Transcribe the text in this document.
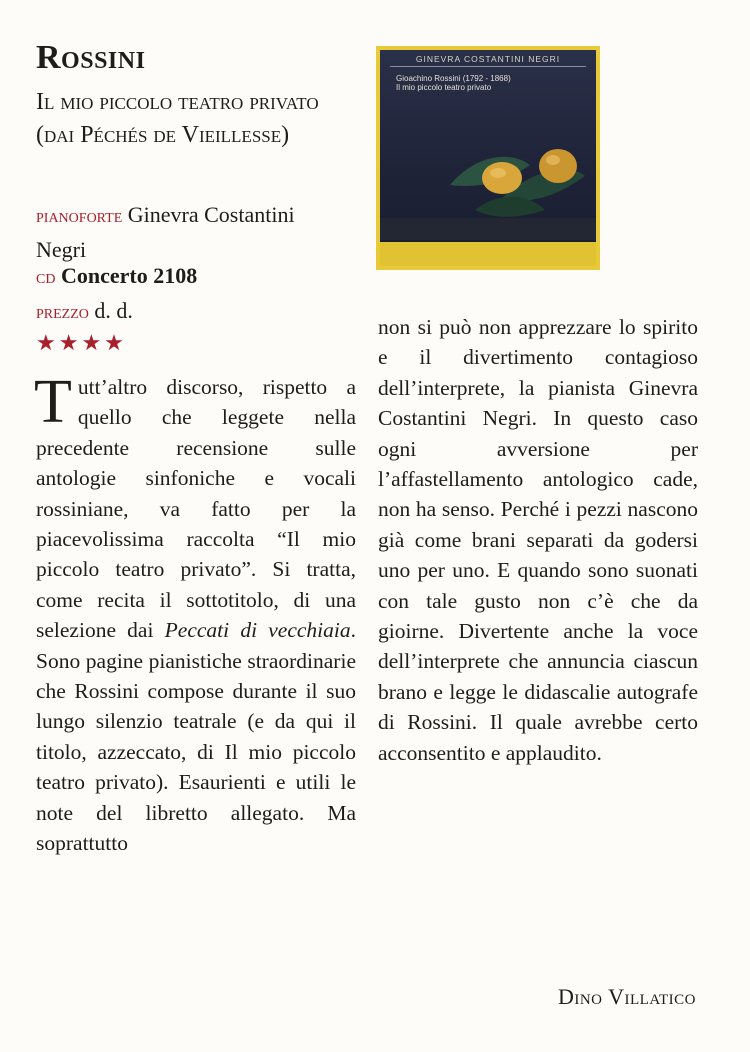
Rossini
Il mio piccolo teatro privato (dai Péchés de Vieillesse)
pianoforte Ginevra Costantini Negri
cd Concerto 2108
prezzo d. d.
★★★★
GINEVRA COSTANTINI NEGRI
Gioachino Rossini (1792 - 1868)
Il mio piccolo teatro privato

T utt’altro discorso, rispetto a quello che leggete nella precedente recensione sulle antologie sinfoniche e vocali rossiniane, va fatto per la piacevolissima raccolta “Il mio piccolo teatro privato”. Si tratta, come recita il sottotitolo, di una selezione dai Peccati di vecchiaia. Sono pagine pianistiche straordinarie che Rossini compose durante il suo lungo silenzio teatrale (e da qui il titolo, azzeccato, di Il mio piccolo teatro privato). Esaurienti e utili le note del libretto allegato. Ma soprattutto

non si può non apprezzare lo spirito e il divertimento contagioso dell’interprete, la pianista Ginevra Costantini Negri. In questo caso ogni avversione per l’affastellamento antologico cade, non ha senso. Perché i pezzi nascono già come brani separati da godersi uno per uno. E quando sono suonati con tale gusto non c’è che da gioirne. Divertente anche la voce dell’interprete che annuncia ciascun brano e legge le didascalie autografe di Rossini. Il quale avrebbe certo acconsentito e applaudito.

Dino Villatico
